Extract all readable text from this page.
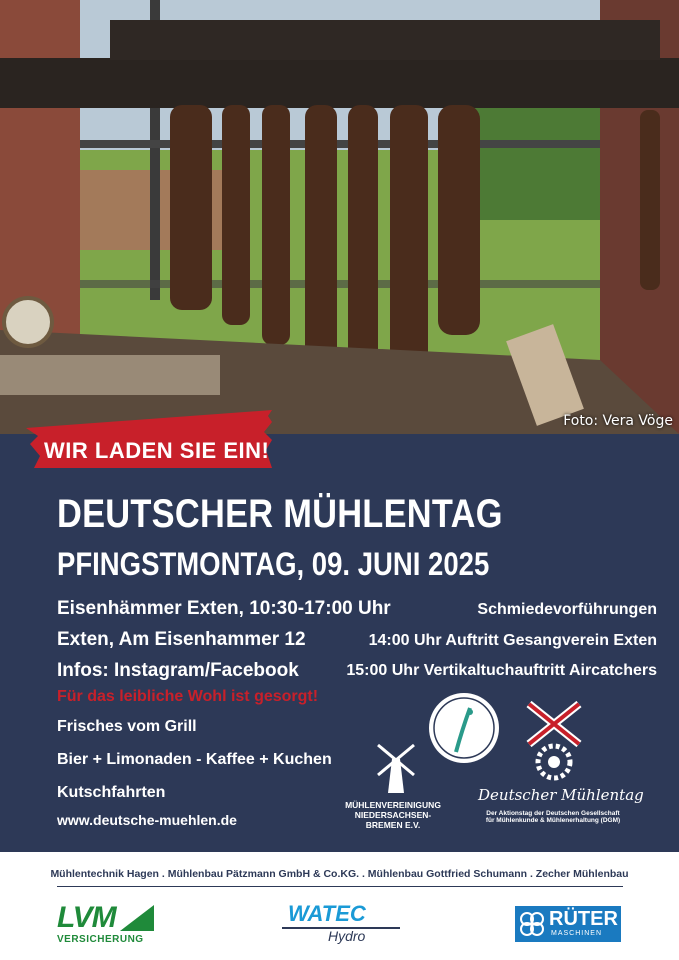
Foto: Vera Vöge
WIR LADEN SIE EIN!
DEUTSCHER MÜHLENTAG
PFINGSTMONTAG, 09. JUNI 2025
Eisenhämmer Exten, 10:30-17:00 Uhr
Exten, Am Eisenhammer 12
Infos: Instagram/Facebook
Schmiedevorführungen
14:00 Uhr Auftritt Gesangverein Exten
15:00 Uhr Vertikaltuchauftritt Aircatchers
Für das leibliche Wohl ist gesorgt!
Frisches vom Grill
Bier + Limonaden - Kaffee + Kuchen
Kutschfahrten
www.deutsche-muehlen.de
MÜHLENVEREINIGUNG
NIEDERSACHSEN-BREMEN E.V.
Deutscher Mühlentag
Der Aktionstag der Deutschen Gesellschaft
für Mühlenkunde & Mühlenerhaltung (DGM)
Mühlentechnik Hagen . Mühlenbau Pätzmann GmbH & Co.KG. . Mühlenbau Gottfried Schumann . Zecher Mühlenbau
LVM
VERSICHERUNG
WATEC
Hydro
RÜTER
MASCHINEN
